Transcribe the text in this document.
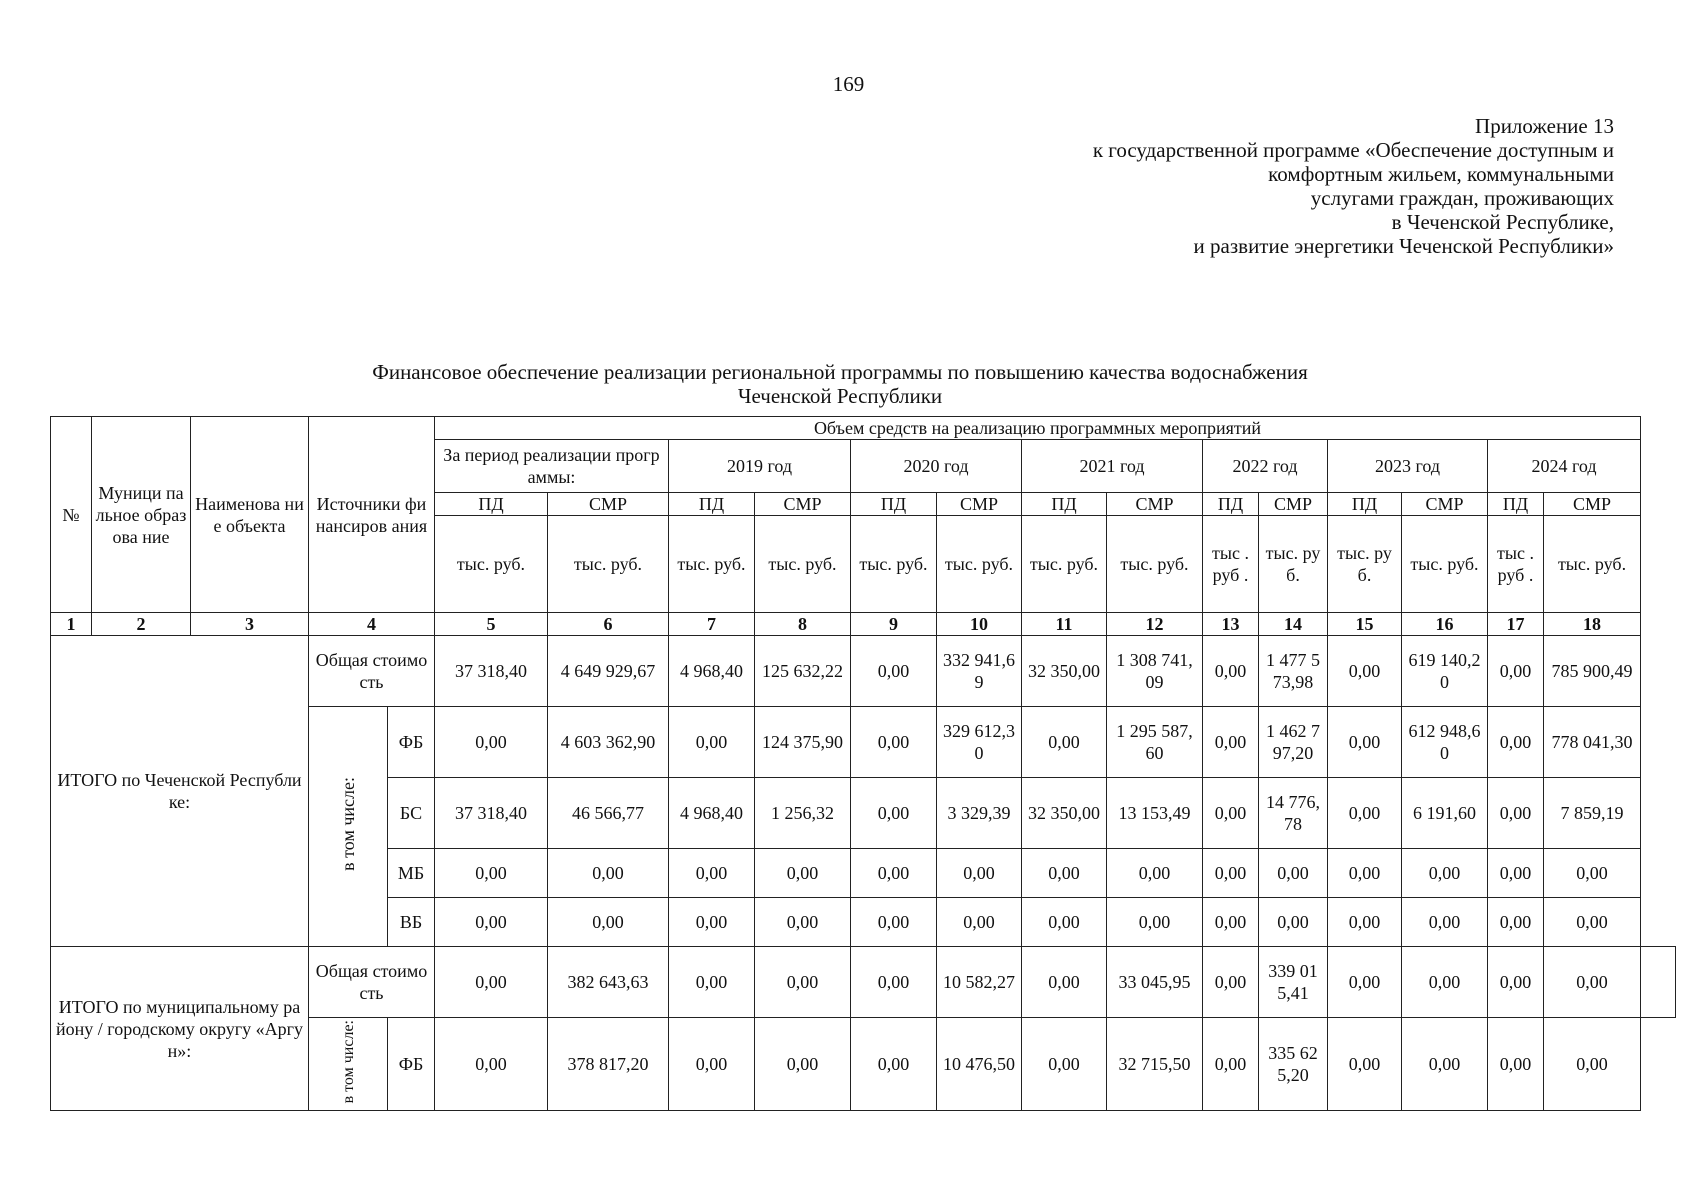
169
Приложение 13
к государственной программе «Обеспечение доступным и
комфортным жильем, коммунальными
услугами граждан, проживающих
в Чеченской Республике,
и развитие энергетики Чеченской Республики»
Финансовое обеспечение реализации региональной программы по повышению качества водоснабжения
Чеченской Республики
№	Муници пальное образова ние	Наименова ние объекта	Источники финансиров ания		Объем средств на реализацию программных мероприятий														
					За период реализации программы:		2019 год		2020 год		2021 год		2022 год		2023 год		2024 год		
					ПД	СМР	ПД	СМР	ПД	СМР	ПД	СМР	ПД	СМР	ПД	СМР	ПД	СМР	
					тыс. руб.	тыс. руб.	тыс. руб.	тыс. руб.	тыс. руб.	тыс. руб.	тыс. руб.	тыс. руб.	тыс . руб .	тыс. руб.	тыс. руб.	тыс. руб.	тыс . руб .	тыс. руб.	
1	2	3	4		5	6	7	8	9	10	11	12	13	14	15	16	17	18	
ИТОГО по Чеченской Республике:			Общая стоимость		37 318,40	4 649 929,67	4 968,40	125 632,22	0,00	332 941,69	32 350,00	1 308 741,09	0,00	1 477 573,98	0,00	619 140,20	0,00	785 900,49	
			в том числе:	ФБ	0,00	4 603 362,90	0,00	124 375,90	0,00	329 612,30	0,00	1 295 587,60	0,00	1 462 797,20	0,00	612 948,60	0,00	778 041,30	
				БС	37 318,40	46 566,77	4 968,40	1 256,32	0,00	3 329,39	32 350,00	13 153,49	0,00	14 776,78	0,00	6 191,60	0,00	7 859,19	
				МБ	0,00	0,00	0,00	0,00	0,00	0,00	0,00	0,00	0,00	0,00	0,00	0,00	0,00	0,00	
				ВБ	0,00	0,00	0,00	0,00	0,00	0,00	0,00	0,00	0,00	0,00	0,00	0,00	0,00	0,00	
ИТОГО по муниципальному району / городскому округу «Аргун»:			Общая стоимость		0,00	382 643,63	0,00	0,00	0,00	10 582,27	0,00	33 045,95	0,00	339 015,41	0,00	0,00	0,00	0,00	
			в том числе:	ФБ	0,00	378 817,20	0,00	0,00	0,00	10 476,50	0,00	32 715,50	0,00	335 625,20	0,00	0,00	0,00	0,00	
